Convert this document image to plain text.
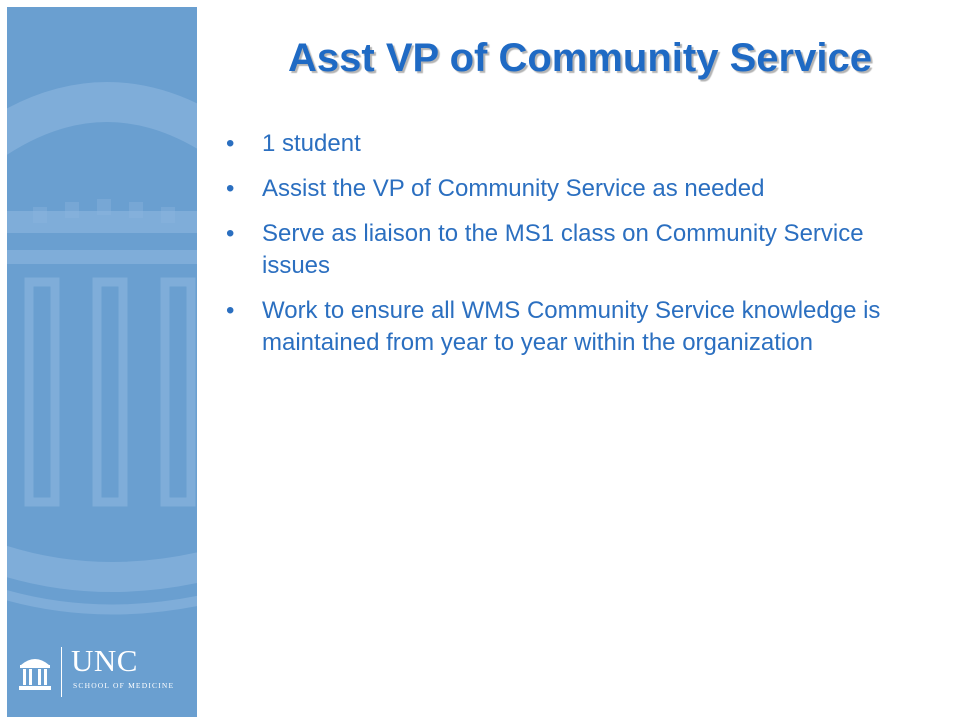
UNC
SCHOOL OF MEDICINE
Asst VP of Community Service
• 1 student
• Assist the VP of Community Service as needed
• Serve as liaison to the MS1 class on Community Service issues
• Work to ensure all WMS Community Service knowledge is maintained from year to year within the organization
